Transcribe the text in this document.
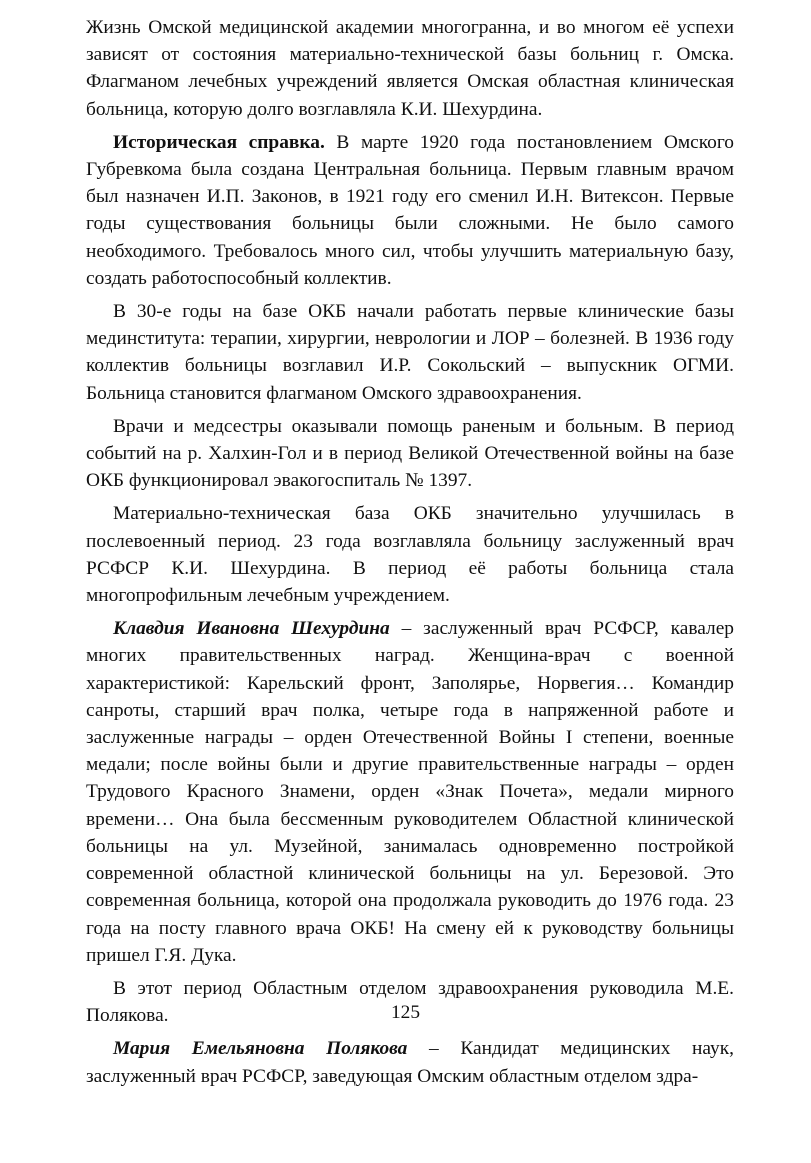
Жизнь Омской медицинской академии многогранна, и во многом её успехи зависят от состояния материально-технической базы больниц г. Омска. Флагманом лечебных учреждений является Омская областная клиническая больница, которую долго возглавляла К.И. Шехурдина.

Историческая справка. В марте 1920 года постановлением Омского Губревкома была создана Центральная больница. Первым главным врачом был назначен И.П. Законов, в 1921 году его сменил И.Н. Витексон. Первые годы существования больницы были сложными. Не было самого необходимого. Требовалось много сил, чтобы улучшить материальную базу, создать работоспособный коллектив.

В 30-е годы на базе ОКБ начали работать первые клинические базы мединститута: терапии, хирургии, неврологии и ЛОР – болезней. В 1936 году коллектив больницы возглавил И.Р. Сокольский – выпускник ОГМИ. Больница становится флагманом Омского здравоохранения.

Врачи и медсестры оказывали помощь раненым и больным. В период событий на р. Халхин-Гол и в период Великой Отечественной войны на базе ОКБ функционировал эвакогоспиталь № 1397.

Материально-техническая база ОКБ значительно улучшилась в послевоенный период. 23 года возглавляла больницу заслуженный врач РСФСР К.И. Шехурдина. В период её работы больница стала многопрофильным лечебным учреждением.

Клавдия Ивановна Шехурдина – заслуженный врач РСФСР, кавалер многих правительственных наград. Женщина-врач с военной характеристикой: Карельский фронт, Заполярье, Норвегия… Командир санроты, старший врач полка, четыре года в напряженной работе и заслуженные награды – орден Отечественной Войны I степени, военные медали; после войны были и другие правительственные награды – орден Трудового Красного Знамени, орден «Знак Почета», медали мирного времени… Она была бессменным руководителем Областной клинической больницы на ул. Музейной, занималась одновременно постройкой современной областной клинической больницы на ул. Березовой. Это современная больница, которой она продолжала руководить до 1976 года. 23 года на посту главного врача ОКБ! На смену ей к руководству больницы пришел Г.Я. Дука.

В этот период Областным отделом здравоохранения руководила М.Е. Полякова.

Мария Емельяновна Полякова – Кандидат медицинских наук, заслуженный врач РСФСР, заведующая Омским областным отделом здра-

125
